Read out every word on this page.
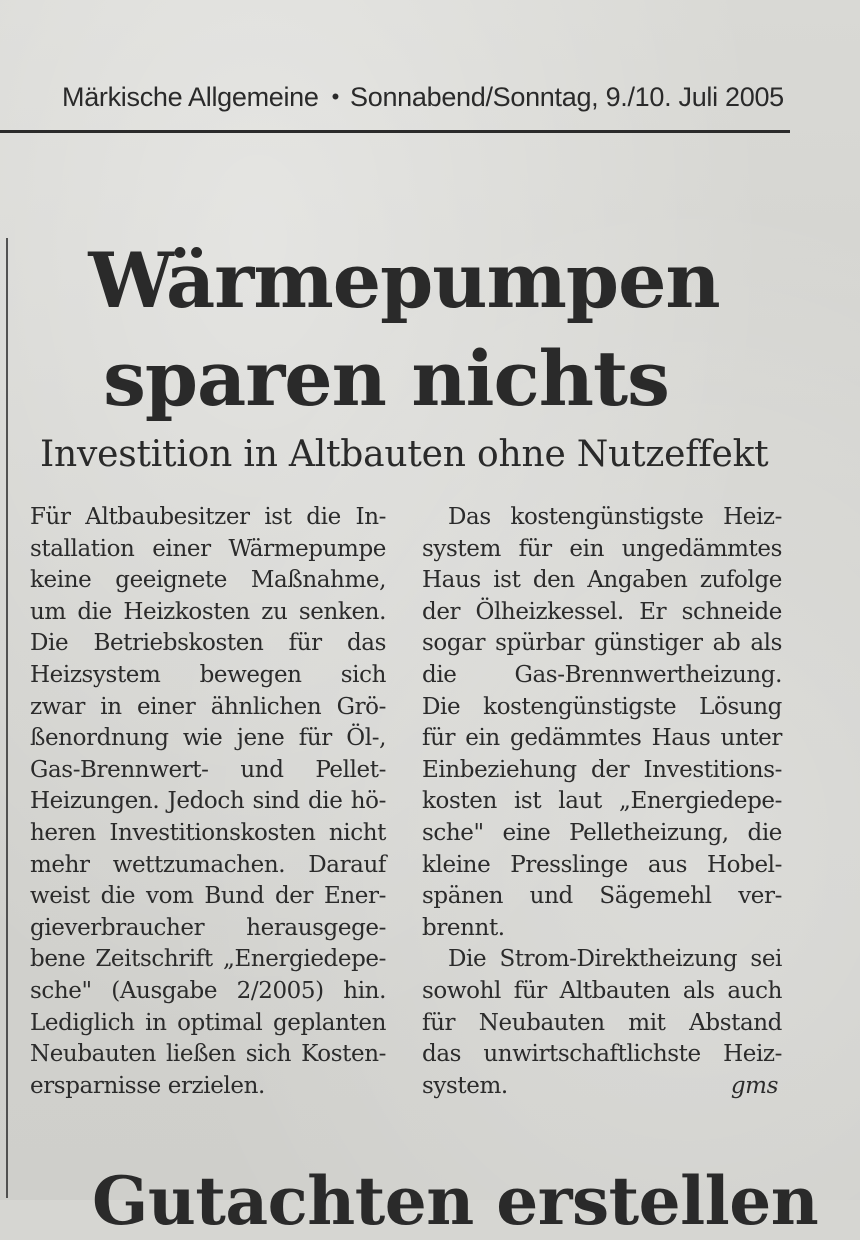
Märkische Allgemeine • Sonnabend/Sonntag, 9./10. Juli 2005
Wärmepumpen
sparen nichts
Investition in Altbauten ohne Nutzeffekt
Für Altbaubesitzer ist die In-
stallation einer Wärmepumpe
keine geeignete Maßnahme,
um die Heizkosten zu senken.
Die Betriebskosten für das
Heizsystem bewegen sich
zwar in einer ähnlichen Grö-
ßenordnung wie jene für Öl-,
Gas-Brennwert- und Pellet-
Heizungen. Jedoch sind die hö-
heren Investitionskosten nicht
mehr wettzumachen. Darauf
weist die vom Bund der Ener-
gieverbraucher herausgege-
bene Zeitschrift „Energiedepe-
sche" (Ausgabe 2/2005) hin.
Lediglich in optimal geplanten
Neubauten ließen sich Kosten-
ersparnisse erzielen.
Das kostengünstigste Heiz-
system für ein ungedämmtes
Haus ist den Angaben zufolge
der Ölheizkessel. Er schneide
sogar spürbar günstiger ab als
die Gas-Brennwertheizung.
Die kostengünstigste Lösung
für ein gedämmtes Haus unter
Einbeziehung der Investitions-
kosten ist laut „Energiedepe-
sche" eine Pelletheizung, die
kleine Presslinge aus Hobel-
spänen und Sägemehl ver-
brennt.
Die Strom-Direktheizung sei
sowohl für Altbauten als auch
für Neubauten mit Abstand
das unwirtschaftlichste Heiz-
system.	gms
Gutachten erstellen
